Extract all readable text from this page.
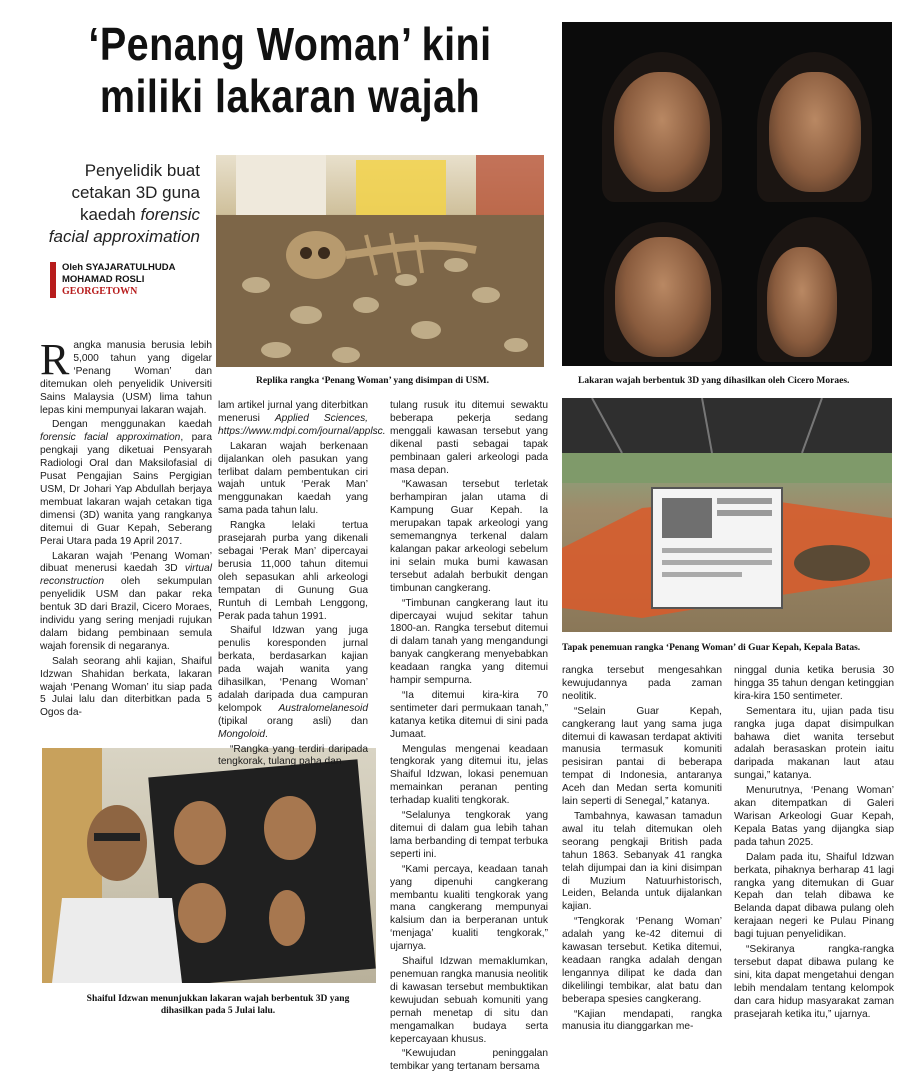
‘Penang Woman’ kini
miliki lakaran wajah
Penyelidik buat
cetakan 3D guna
kaedah forensic
facial approximation
Oleh SYAJARATULHUDA
MOHAMAD ROSLI
GEORGETOWN
Replika rangka ‘Penang Woman’ yang disimpan di USM.	Lakaran wajah berbentuk 3D yang dihasilkan oleh Cicero Moraes.
Tapak penemuan rangka ‘Penang Woman’ di Guar Kepah, Kepala Batas.
Shaiful Idzwan menunjukkan lakaran wajah berbentuk 3D yang
dihasilkan pada 5 Julai lalu.

Rangka manusia berusia lebih 5,000 tahun yang digelar ‘Penang Woman’ dan ditemukan oleh penyelidik Universiti Sains Malaysia (USM) lima tahun lepas kini mempunyai lakaran wajah.

Dengan menggunakan kaedah forensic facial approximation, para pengkaji yang diketuai Pensyarah Radiologi Oral dan Maksilofasial di Pusat Pengajian Sains Pergigian USM, Dr Johari Yap Abdullah berjaya membuat lakaran wajah cetakan tiga dimensi (3D) wanita yang rangkanya ditemui di Guar Kepah, Seberang Perai Utara pada 19 April 2017.

Lakaran wajah ‘Penang Woman’ dibuat menerusi kaedah 3D virtual reconstruction oleh sekumpulan penyelidik USM dan pakar reka bentuk 3D dari Brazil, Cicero Moraes, individu yang sering menjadi rujukan dalam bidang pembinaan semula wajah forensik di negaranya.

Salah seorang ahli kajian, Shaiful Idzwan Shahidan berkata, lakaran wajah ‘Penang Woman’ itu siap pada 5 Julai lalu dan diterbitkan pada 5 Ogos da-

lam artikel jurnal yang diterbitkan menerusi Applied Sciences, https://www.mdpi.com/journal/applsc.

Lakaran wajah berkenaan dijalankan oleh pasukan yang terlibat dalam pembentukan ciri wajah untuk ‘Perak Man’ menggunakan kaedah yang sama pada tahun lalu.

Rangka lelaki tertua prasejarah purba yang dikenali sebagai ‘Perak Man’ dipercayai berusia 11,000 tahun ditemui oleh sepasukan ahli arkeologi tempatan di Gunung Gua Runtuh di Lembah Lenggong, Perak pada tahun 1991.

Shaiful Idzwan yang juga penulis koresponden jurnal berkata, berdasarkan kajian pada wajah wanita yang dihasilkan, ‘Penang Woman’ adalah daripada dua campuran kelompok Australomelanesoid (tipikal orang asli) dan Mongoloid.

“Rangka yang terdiri daripada tengkorak, tulang paha dan

tulang rusuk itu ditemui sewaktu beberapa pekerja sedang menggali kawasan tersebut yang dikenal pasti sebagai tapak pembinaan galeri arkeologi pada masa depan.

“Kawasan tersebut terletak berhampiran jalan utama di Kampung Guar Kepah. Ia merupakan tapak arkeologi yang sememangnya terkenal dalam kalangan pakar arkeologi sebelum ini selain muka bumi kawasan tersebut adalah berbukit dengan timbunan cangkerang.

“Timbunan cangkerang laut itu dipercayai wujud sekitar tahun 1800-an. Rangka tersebut ditemui di dalam tanah yang mengandungi banyak cangkerang menyebabkan keadaan rangka yang ditemui hampir sempurna.

“Ia ditemui kira-kira 70 sentimeter dari permukaan tanah,” katanya ketika ditemui di sini pada Jumaat.

Mengulas mengenai keadaan tengkorak yang ditemui itu, jelas Shaiful Idzwan, lokasi penemuan memainkan peranan penting terhadap kualiti tengkorak.

“Selalunya tengkorak yang ditemui di dalam gua lebih tahan lama berbanding di tempat terbuka seperti ini.

“Kami percaya, keadaan tanah yang dipenuhi cangkerang membantu kualiti tengkorak yang mana cangkerang mempunyai kalsium dan ia berperanan untuk ‘menjaga’ kualiti tengkorak,” ujarnya.

Shaiful Idzwan memaklumkan, penemuan rangka manusia neolitik di kawasan tersebut membuktikan kewujudan sebuah komuniti yang pernah menetap di situ dan mengamalkan budaya serta kepercayaan khusus.

“Kewujudan peninggalan tembikar yang tertanam bersama

rangka tersebut mengesahkan kewujudannya pada zaman neolitik.

“Selain Guar Kepah, cangkerang laut yang sama juga ditemui di kawasan terdapat aktiviti manusia termasuk komuniti pesisiran pantai di beberapa tempat di Indonesia, antaranya Aceh dan Medan serta komuniti lain seperti di Senegal,” katanya.

Tambahnya, kawasan tamadun awal itu telah ditemukan oleh seorang pengkaji British pada tahun 1863. Sebanyak 41 rangka telah dijumpai dan ia kini disimpan di Muzium Natuurhistorisch, Leiden, Belanda untuk dijalankan kajian.

“Tengkorak ‘Penang Woman’ adalah yang ke-42 ditemui di kawasan tersebut. Ketika ditemui, keadaan rangka adalah dengan lengannya dilipat ke dada dan dikelilingi tembikar, alat batu dan beberapa spesies cangkerang.

“Kajian mendapati, rangka manusia itu dianggarkan me-

ninggal dunia ketika berusia 30 hingga 35 tahun dengan ketinggian kira-kira 150 sentimeter.

Sementara itu, ujian pada tisu rangka juga dapat disimpulkan bahawa diet wanita tersebut adalah berasaskan protein iaitu daripada makanan laut atau sungai,” katanya.

Menurutnya, ‘Penang Woman’ akan ditempatkan di Galeri Warisan Arkeologi Guar Kepah, Kepala Batas yang dijangka siap pada tahun 2025.

Dalam pada itu, Shaiful Idzwan berkata, pihaknya berharap 41 lagi rangka yang ditemukan di Guar Kepah dan telah dibawa ke Belanda dapat dibawa pulang oleh kerajaan negeri ke Pulau Pinang bagi tujuan penyelidikan.

“Sekiranya rangka-rangka tersebut dapat dibawa pulang ke sini, kita dapat mengetahui dengan lebih mendalam tentang kelompok dan cara hidup masyarakat zaman prasejarah ketika itu,” ujarnya.
